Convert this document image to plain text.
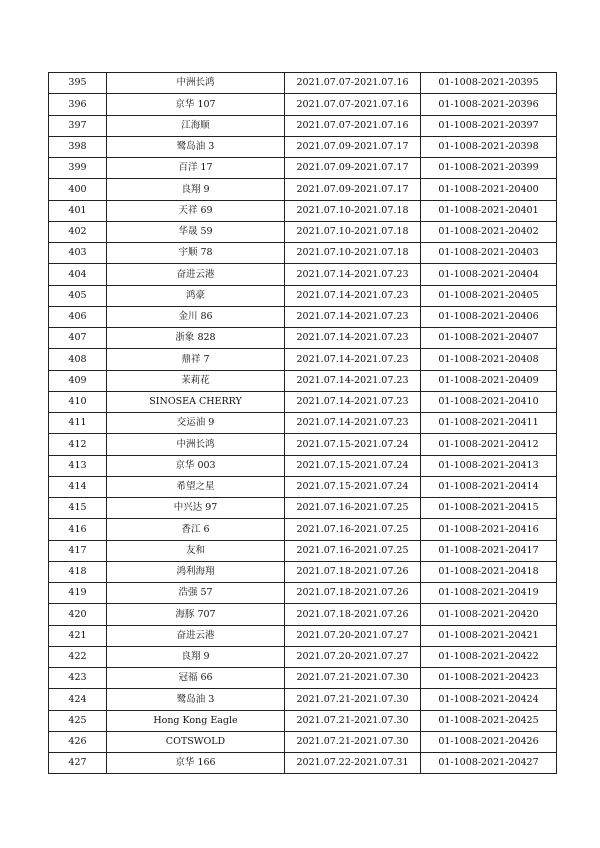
395	中洲长鸿	2021.07.07-2021.07.16	01-1008-2021-20395
396	京华 107	2021.07.07-2021.07.16	01-1008-2021-20396
397	江海顺	2021.07.07-2021.07.16	01-1008-2021-20397
398	鹭岛油 3	2021.07.09-2021.07.17	01-1008-2021-20398
399	百洋 17	2021.07.09-2021.07.17	01-1008-2021-20399
400	良翔 9	2021.07.09-2021.07.17	01-1008-2021-20400
401	天祥 69	2021.07.10-2021.07.18	01-1008-2021-20401
402	华晟 59	2021.07.10-2021.07.18	01-1008-2021-20402
403	宇顺 78	2021.07.10-2021.07.18	01-1008-2021-20403
404	奋进云港	2021.07.14-2021.07.23	01-1008-2021-20404
405	鸿豪	2021.07.14-2021.07.23	01-1008-2021-20405
406	金川 86	2021.07.14-2021.07.23	01-1008-2021-20406
407	浙象 828	2021.07.14-2021.07.23	01-1008-2021-20407
408	鼎祥 7	2021.07.14-2021.07.23	01-1008-2021-20408
409	茉莉花	2021.07.14-2021.07.23	01-1008-2021-20409
410	SINOSEA CHERRY	2021.07.14-2021.07.23	01-1008-2021-20410
411	交运油 9	2021.07.14-2021.07.23	01-1008-2021-20411
412	中洲长鸿	2021.07.15-2021.07.24	01-1008-2021-20412
413	京华 003	2021.07.15-2021.07.24	01-1008-2021-20413
414	希望之星	2021.07.15-2021.07.24	01-1008-2021-20414
415	中兴达 97	2021.07.16-2021.07.25	01-1008-2021-20415
416	香江 6	2021.07.16-2021.07.25	01-1008-2021-20416
417	友和	2021.07.16-2021.07.25	01-1008-2021-20417
418	鸿利海翔	2021.07.18-2021.07.26	01-1008-2021-20418
419	浩强 57	2021.07.18-2021.07.26	01-1008-2021-20419
420	海豚 707	2021.07.18-2021.07.26	01-1008-2021-20420
421	奋进云港	2021.07.20-2021.07.27	01-1008-2021-20421
422	良翔 9	2021.07.20-2021.07.27	01-1008-2021-20422
423	冠福 66	2021.07.21-2021.07.30	01-1008-2021-20423
424	鹭岛油 3	2021.07.21-2021.07.30	01-1008-2021-20424
425	Hong Kong Eagle	2021.07.21-2021.07.30	01-1008-2021-20425
426	COTSWOLD	2021.07.21-2021.07.30	01-1008-2021-20426
427	京华 166	2021.07.22-2021.07.31	01-1008-2021-20427
